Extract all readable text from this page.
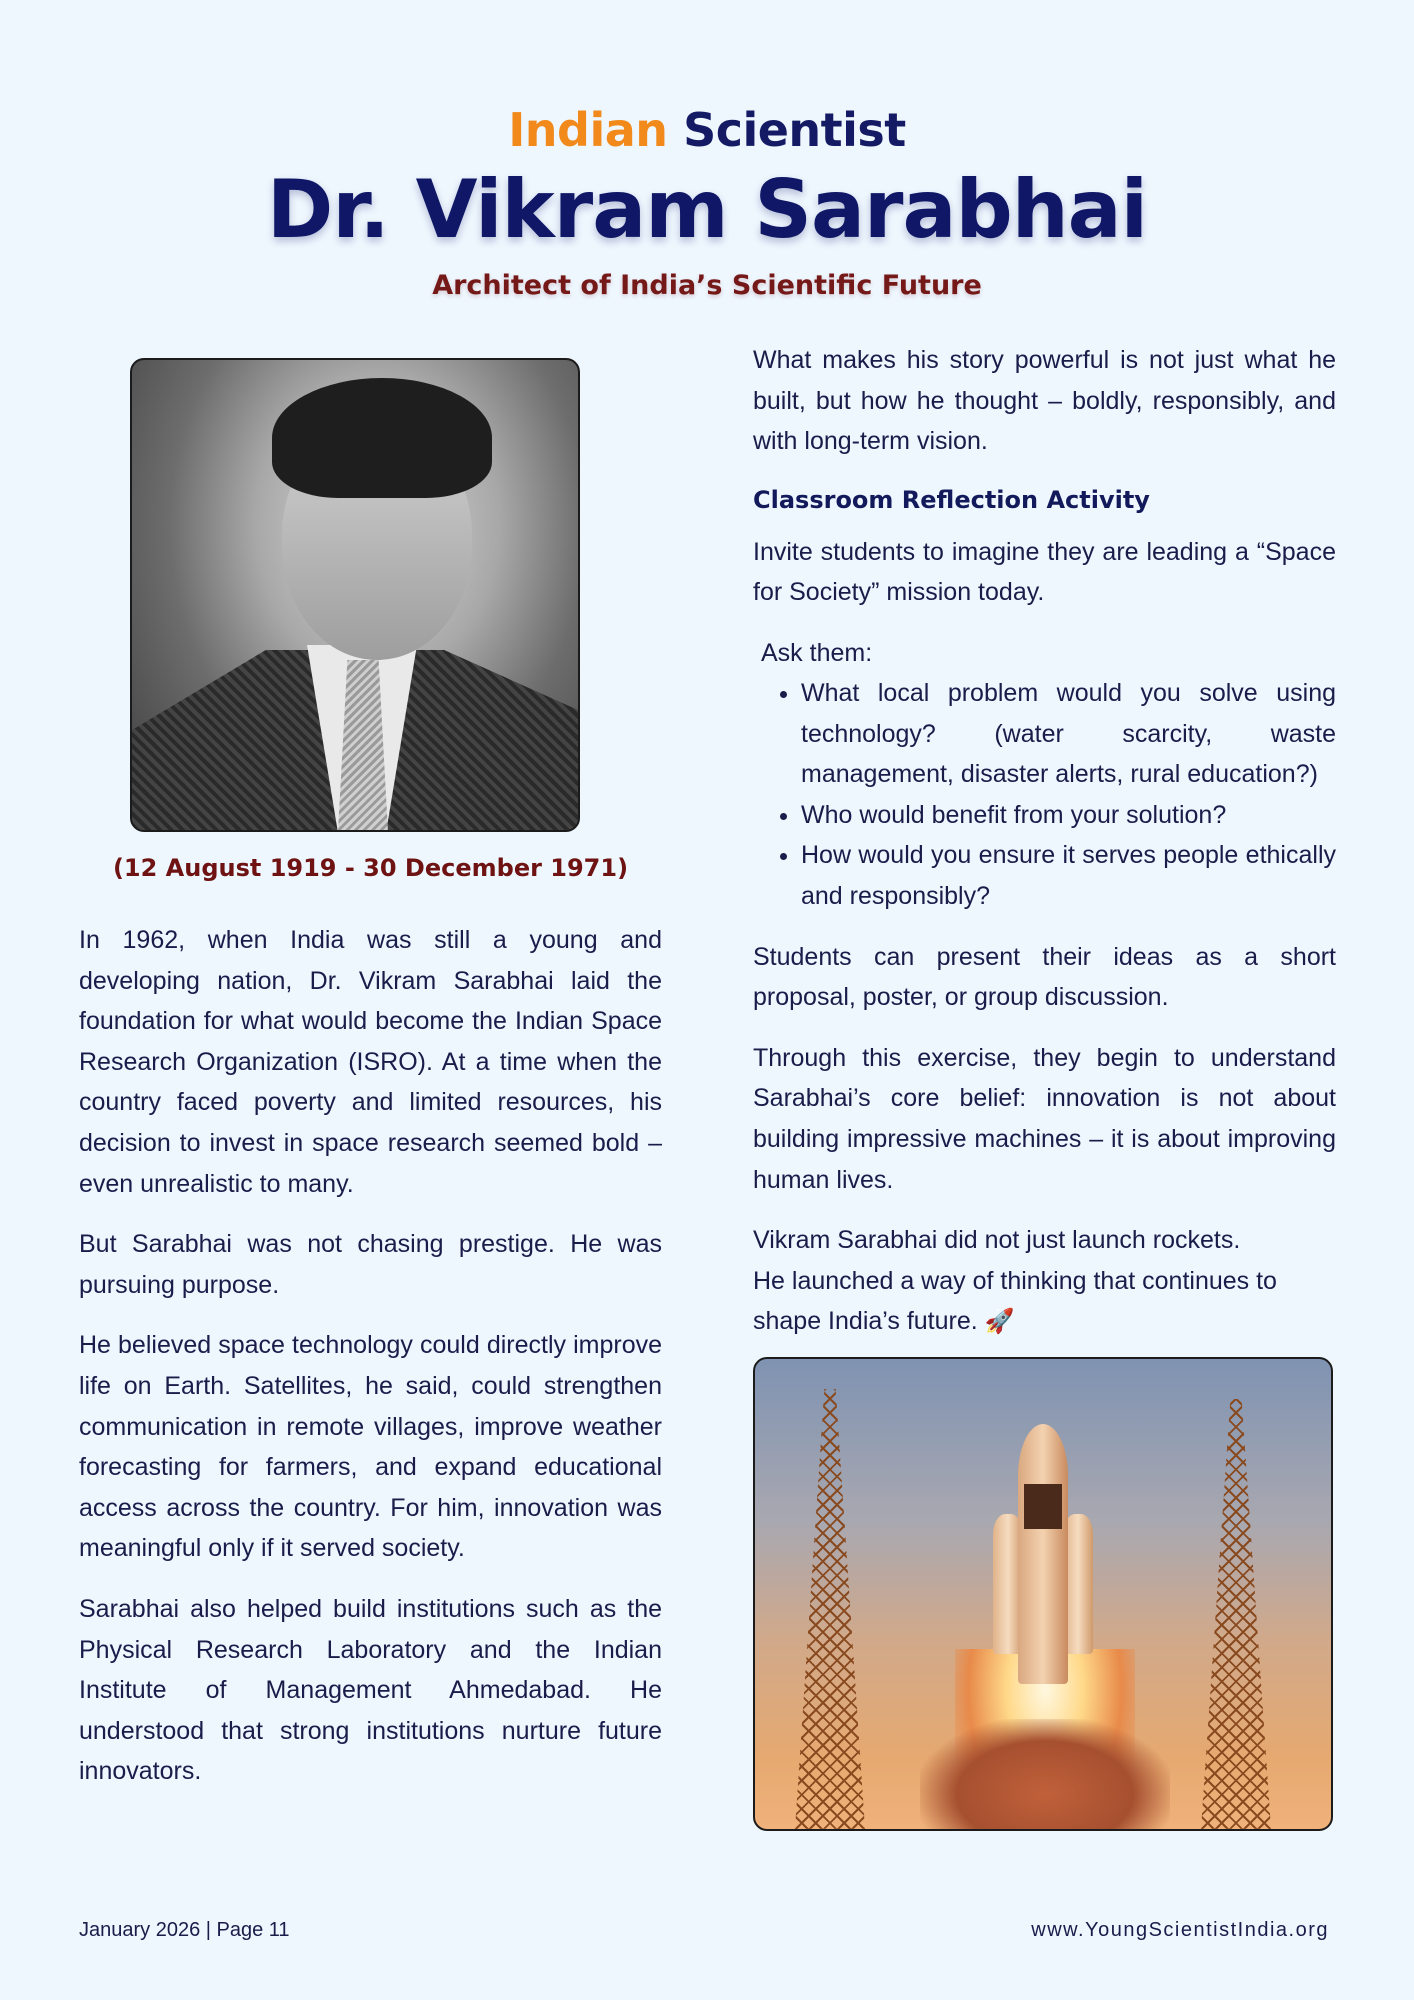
Indian Scientist
Dr. Vikram Sarabhai
Architect of India’s Scientific Future
(12 August 1919 - 30 December 1971)

In 1962, when India was still a young and developing nation, Dr. Vikram Sarabhai laid the foundation for what would become the Indian Space Research Organization (ISRO). At a time when the country faced poverty and limited resources, his decision to invest in space research seemed bold – even unrealistic to many.

But Sarabhai was not chasing prestige. He was pursuing purpose.

He believed space technology could directly improve life on Earth. Satellites, he said, could strengthen communication in remote villages, improve weather forecasting for farmers, and expand educational access across the country. For him, innovation was meaningful only if it served society.

Sarabhai also helped build institutions such as the Physical Research Laboratory and the Indian Institute of Management Ahmedabad. He understood that strong institutions nurture future innovators.

What makes his story powerful is not just what he built, but how he thought – boldly, responsibly, and with long-term vision.

Classroom Reflection Activity

Invite students to imagine they are leading a “Space for Society” mission today.

Ask them:
• What local problem would you solve using technology? (water scarcity, waste management, disaster alerts, rural education?)
• Who would benefit from your solution?
• How would you ensure it serves people ethically and responsibly?

Students can present their ideas as a short proposal, poster, or group discussion.

Through this exercise, they begin to understand Sarabhai’s core belief: innovation is not about building impressive machines – it is about improving human lives.

Vikram Sarabhai did not just launch rockets.
He launched a way of thinking that continues to shape India’s future. 🚀

January 2026 | Page 11	www.YoungScientistIndia.org
